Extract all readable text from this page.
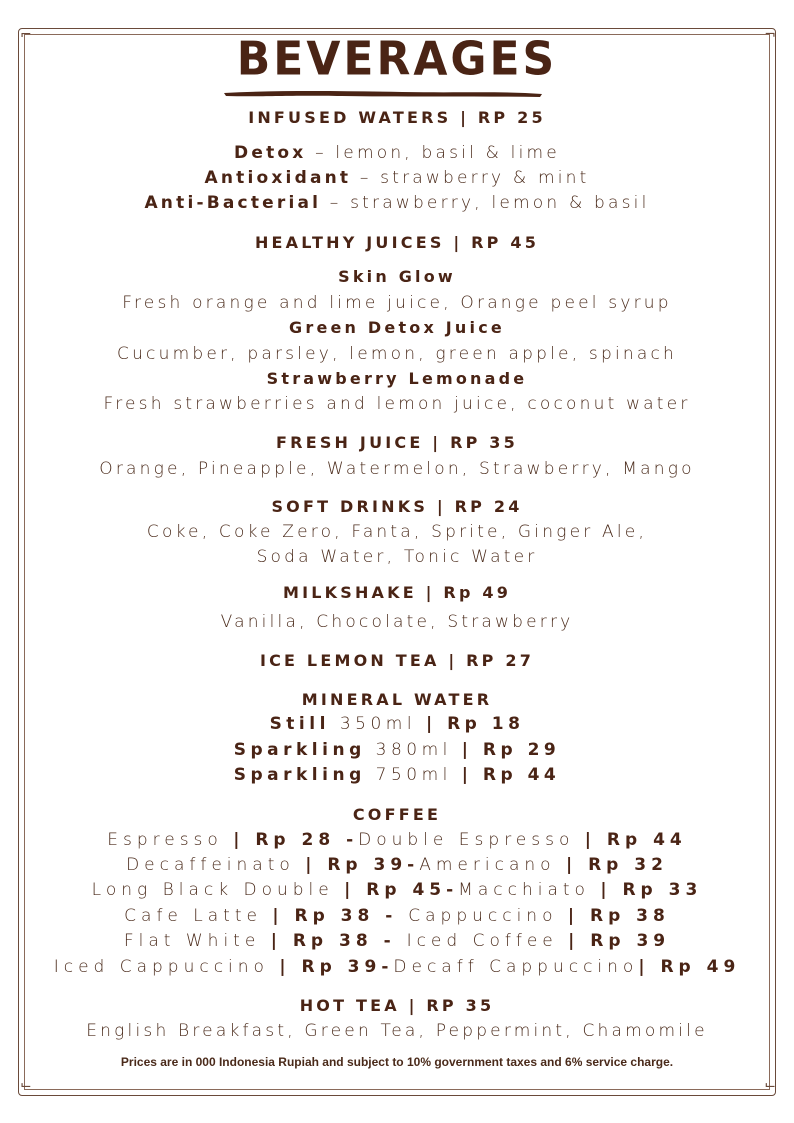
⌐	¬
⌙	⌙
BEVERAGES
INFUSED WATERS | RP 25
Detox – lemon, basil & lime
Antioxidant – strawberry & mint
Anti-Bacterial – strawberry, lemon & basil
HEALTHY JUICES | RP 45
Skin Glow
Fresh orange and lime juice, Orange peel syrup
Green Detox Juice
Cucumber, parsley, lemon, green apple, spinach
Strawberry Lemonade
Fresh strawberries and lemon juice, coconut water
FRESH JUICE | RP 35
Orange, Pineapple, Watermelon, Strawberry, Mango
SOFT DRINKS | RP 24
Coke, Coke Zero, Fanta, Sprite, Ginger Ale,
Soda Water, Tonic Water
MILKSHAKE | Rp 49
Vanilla, Chocolate, Strawberry
ICE LEMON TEA | RP 27
MINERAL WATER
Still 350ml | Rp 18
Sparkling 380ml | Rp 29
Sparkling 750ml | Rp 44
COFFEE
Espresso | Rp 28 -Double Espresso | Rp 44
Decaffeinato | Rp 39-Americano | Rp 32
Long Black Double | Rp 45-Macchiato | Rp 33
Cafe Latte | Rp 38 - Cappuccino | Rp 38
Flat White | Rp 38 - Iced Coffee | Rp 39
Iced Cappuccino | Rp 39-Decaff Cappuccino| Rp 49
HOT TEA | RP 35
English Breakfast, Green Tea, Peppermint, Chamomile
Prices are in 000 Indonesia Rupiah and subject to 10% government taxes and 6% service charge.
